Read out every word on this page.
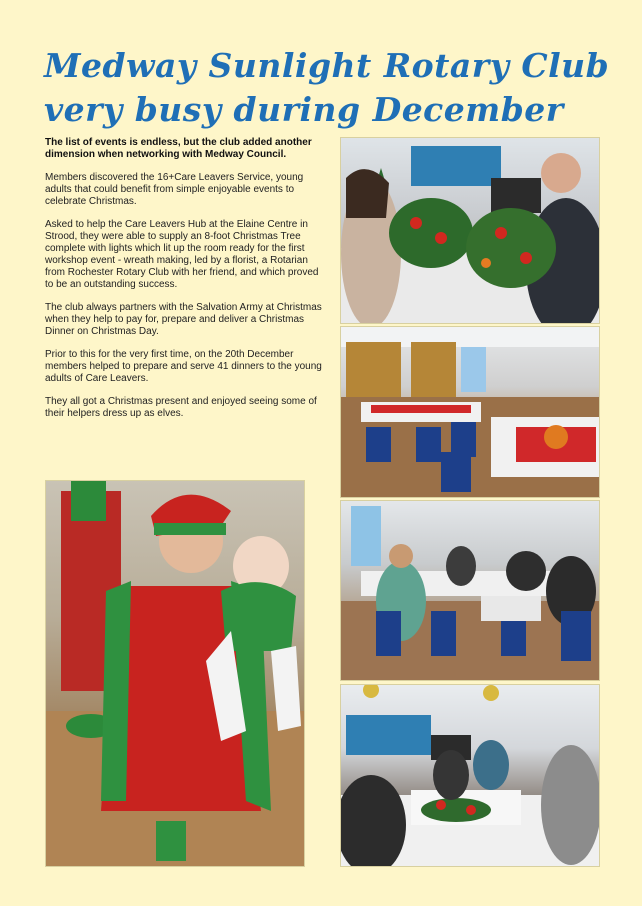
Medway Sunlight Rotary Club
very busy during December

The list of events is endless, but the club added another dimension when networking with Medway Council.

Members discovered the 16+Care Leavers Service, young adults that could benefit from simple enjoyable events to celebrate Christmas.

Asked to help the Care Leavers Hub at the Elaine Centre in Strood, they were able to supply an 8-foot Christmas Tree complete with lights which lit up the room ready for the first workshop event - wreath making, led by a florist, a Rotarian from Rochester Rotary Club with her friend, and which proved to be an outstanding success.

The club always partners with the Salvation Army at Christmas when they help to pay for, prepare and deliver a Christmas Dinner on Christmas Day.

Prior to this for the very first time, on the 20th December members helped to prepare and serve 41 dinners to the young adults of Care Leavers.

They all got a Christmas present and enjoyed seeing some of their helpers dress up as elves.
